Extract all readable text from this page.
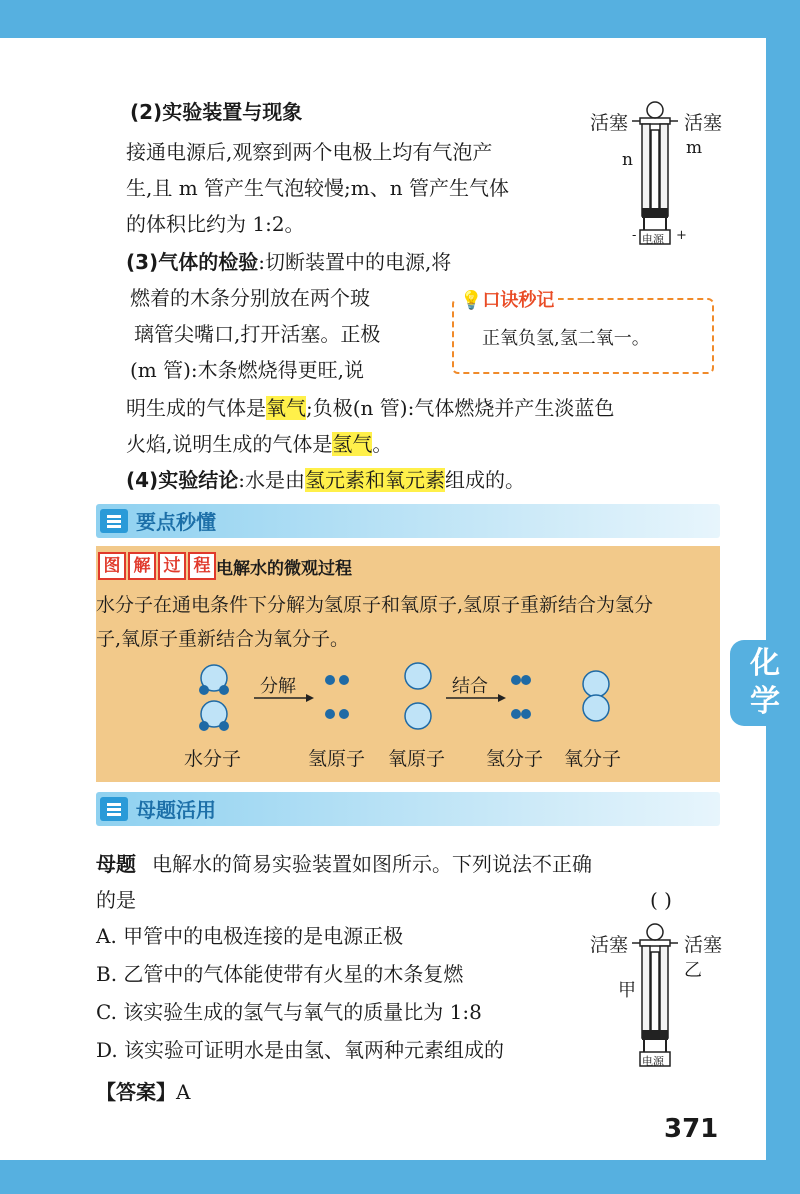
化
学
(2)实验装置与现象
接通电源后,观察到两个电极上均有气泡产
生,且 m 管产生气泡较慢;m、n 管产生气体
的体积比约为 1:2。
(3)气体的检验:切断装置中的电源,将
燃着的木条分别放在两个玻
璃管尖嘴口,打开活塞。正极
(m 管):木条燃烧得更旺,说
明生成的气体是氧气;负极(n 管):气体燃烧并产生淡蓝色
火焰,说明生成的气体是氢气。
(4)实验结论:水是由氢元素和氧元素组成的。
活塞	活塞
n
m
电源
-	+
💡口诀秒记
正氧负氢,氢二氧一。
要点秒懂
图 解 过 程 电解水的微观过程
水分子在通电条件下分解为氢原子和氧原子,氢原子重新结合为氢分
子,氧原子重新结合为氧分子。
分解	结合
水分子	氢原子 氧原子 氢分子 氧分子
母题活用
母题 电解水的简易实验装置如图所示。下列说法不正确
的是	( )
A. 甲管中的电极连接的是电源正极
B. 乙管中的气体能使带有火星的木条复燃
C. 该实验生成的氢气与氧气的质量比为 1:8
D. 该实验可证明水是由氢、氧两种元素组成的
【答案】A
活塞	活塞
甲
乙
电源
371
